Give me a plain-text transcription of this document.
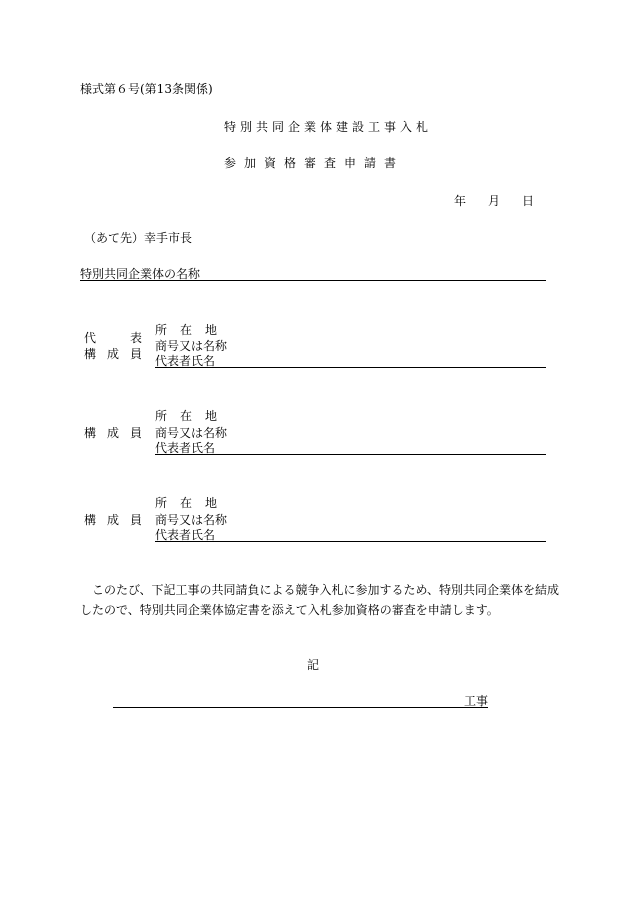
様式第６号(第13条関係)
特別共同企業体建設工事入札
参加資格審査申請書
年 月 日
（あて先）幸手市長
特別共同企業体の名称
代	表
構 成 員
所 在 地
商号又は名称
代表者氏名
構 成 員
所 在 地
商号又は名称
代表者氏名
構 成 員
所 在 地
商号又は名称
代表者氏名
このたび、下記工事の共同請負による競争入札に参加するため、特別共同企業体を結成
したので、特別共同企業体協定書を添えて入札参加資格の審査を申請します。
記
工事
